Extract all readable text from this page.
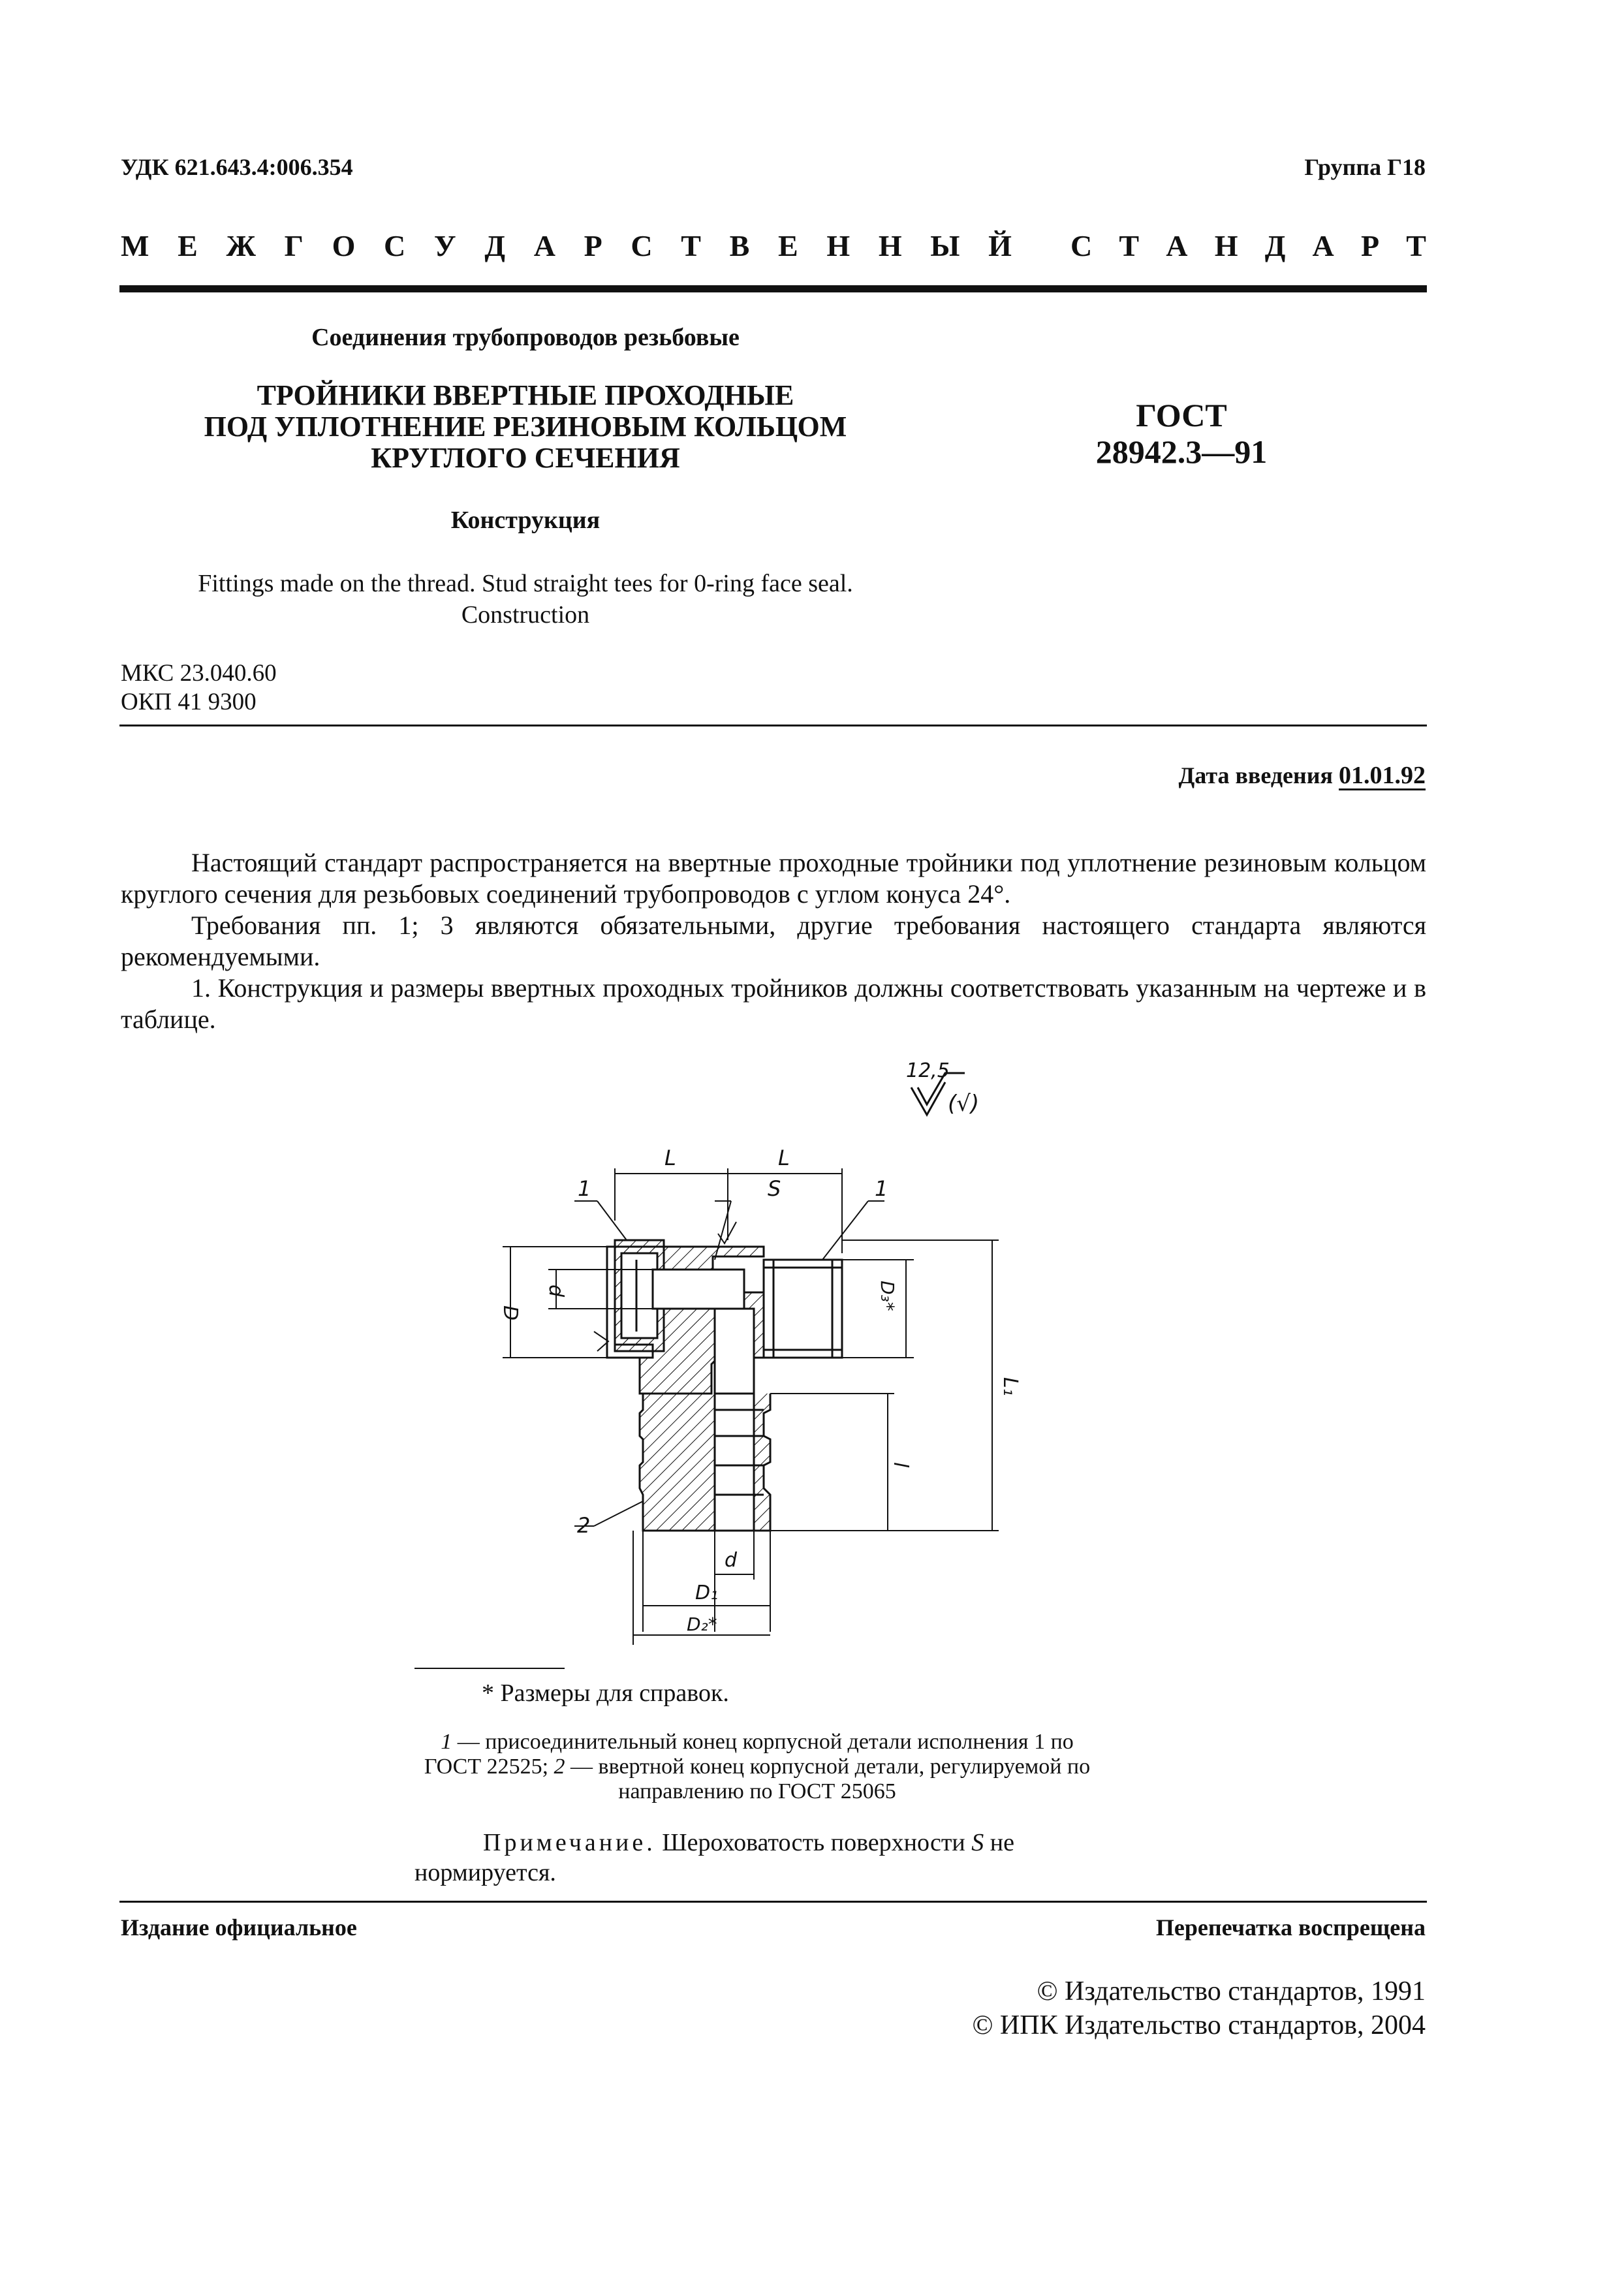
УДК 621.643.4:006.354	Группа Г18
М Е Ж Г О С У Д А Р С Т В Е Н Н Ы Й С Т А Н Д А Р Т
Соединения трубопроводов резьбовые
ТРОЙНИКИ ВВЕРТНЫЕ ПРОХОДНЫЕ
ПОД УПЛОТНЕНИЕ РЕЗИНОВЫМ КОЛЬЦОМ
КРУГЛОГО СЕЧЕНИЯ
ГОСТ
28942.3—91
Конструкция
Fittings made on the thread. Stud straight tees for 0-ring face seal.
Construction
МКС 23.040.60
ОКП 41 9300
Дата введения 01.01.92
Настоящий стандарт распространяется на ввертные проходные тройники под уплотнение резиновым кольцом круглого сечения для резьбовых соединений трубопроводов с углом конуса 24°.
Требования пп. 1; 3 являются обязательными, другие требования настоящего стандарта являются рекомендуемыми.
1. Конструкция и размеры ввертных проходных тройников должны соответствовать указанным на чертеже и в таблице.
12,5
(√)
L	L
S
1	1
2
D
d	D₃*
L₁
l
d
D₁
D₂*
* Размеры для справок.
1 — присоединительный конец корпусной детали исполнения 1 по ГОСТ 22525; 2 — ввертной конец корпусной детали, регулируемой по направлению по ГОСТ 25065
Примечание. Шероховатость поверхности S не нормируется.
Издание официальное	Перепечатка воспрещена
© Издательство стандартов, 1991
© ИПК Издательство стандартов, 2004
